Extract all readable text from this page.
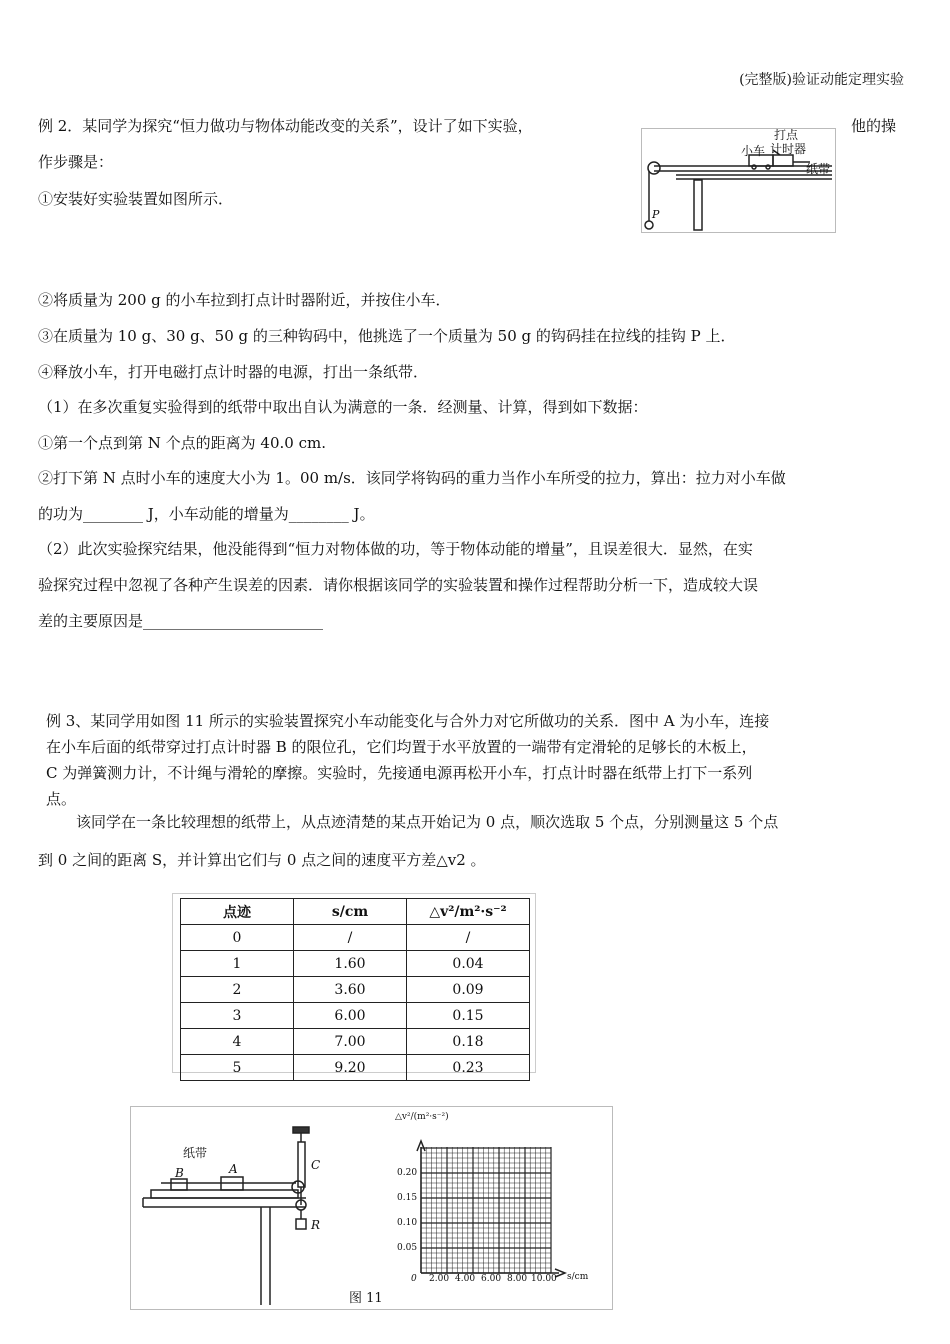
(完整版)验证动能定理实验
例 2．某同学为探究“恒力做功与物体动能改变的关系”，设计了如下实验，	他的操
作步骤是：
①安装好实验装置如图所示．
小车
打点
计时器
纸带
P
②将质量为 200 g 的小车拉到打点计时器附近，并按住小车．
③在质量为 10 g、30 g、50 g 的三种钩码中，他挑选了一个质量为 50 g 的钩码挂在拉线的挂钩 P 上．
④释放小车，打开电磁打点计时器的电源，打出一条纸带．
（1）在多次重复实验得到的纸带中取出自认为满意的一条．经测量、计算，得到如下数据：
①第一个点到第 N 个点的距离为 40.0 cm.
②打下第 N 点时小车的速度大小为 1。00 m/s．该同学将钩码的重力当作小车所受的拉力，算出：拉力对小车做
的功为________ J，小车动能的增量为________ J。
（2）此次实验探究结果，他没能得到“恒力对物体做的功，等于物体动能的增量”，且误差很大．显然，在实
验探究过程中忽视了各种产生误差的因素．请你根据该同学的实验装置和操作过程帮助分析一下，造成较大误
差的主要原因是________________________
例 3、某同学用如图 11 所示的实验装置探究小车动能变化与合外力对它所做功的关系．图中 A 为小车，连接
在小车后面的纸带穿过打点计时器 B 的限位孔，它们均置于水平放置的一端带有定滑轮的足够长的木板上，
C 为弹簧测力计，不计绳与滑轮的摩擦。实验时，先接通电源再松开小车，打点计时器在纸带上打下一系列
点。
该同学在一条比较理想的纸带上，从点迹清楚的某点开始记为 0 点，顺次选取 5 个点，分别测量这 5 个点
到 0 之间的距离 S，并计算出它们与 0 点之间的速度平方差△v2 。
点迹	s/cm	△v²/m²·s⁻²
0	/	/
1	1.60	0.04
2	3.60	0.09
3	6.00	0.15
4	7.00	0.18
5	9.20	0.23
纸带
B	A	C
R
△v²/(m²·s⁻²)
s/cm
0.20
0.15
0.10
0.05
0 2.00 4.00 6.00 8.00 10.00
图 11
